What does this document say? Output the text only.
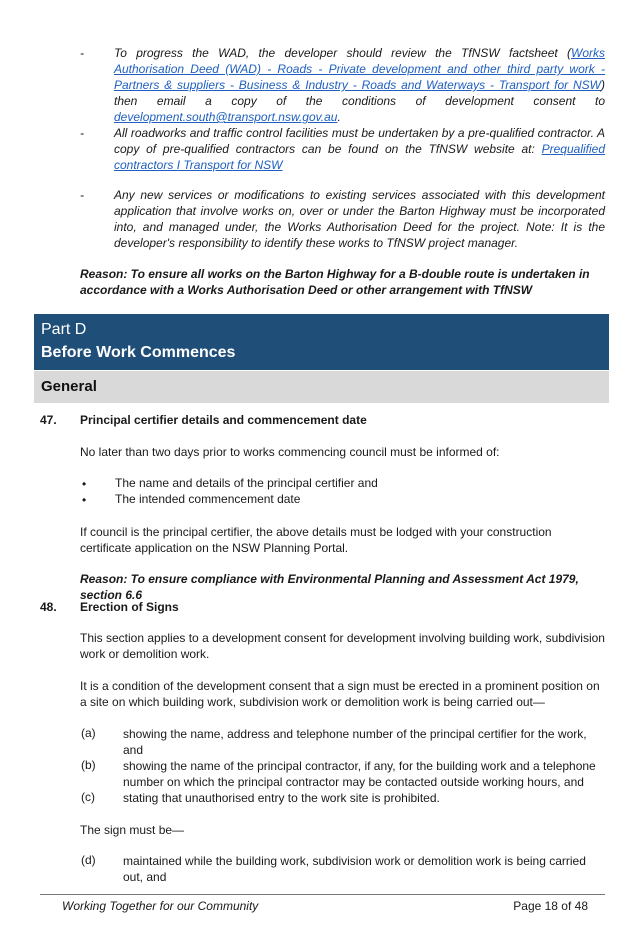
-	To progress the WAD, the developer should review the TfNSW factsheet (Works Authorisation Deed (WAD) - Roads - Private development and other third party work - Partners & suppliers - Business & Industry - Roads and Waterways - Transport for NSW) then email a copy of the conditions of development consent to development.south@transport.nsw.gov.au.
-	All roadworks and traffic control facilities must be undertaken by a pre-qualified contractor. A copy of pre-qualified contractors can be found on the TfNSW website at: Prequalified contractors I Transport for NSW
-	Any new services or modifications to existing services associated with this development application that involve works on, over or under the Barton Highway must be incorporated into, and managed under, the Works Authorisation Deed for the project. Note: It is the developer's responsibility to identify these works to TfNSW project manager.
Reason: To ensure all works on the Barton Highway for a B-double route is undertaken in accordance with a Works Authorisation Deed or other arrangement with TfNSW
Part D
Before Work Commences
General
47. Principal certifier details and commencement date
No later than two days prior to works commencing council must be informed of:
• The name and details of the principal certifier and
• The intended commencement date
If council is the principal certifier, the above details must be lodged with your construction certificate application on the NSW Planning Portal.
Reason: To ensure compliance with Environmental Planning and Assessment Act 1979, section 6.6
48. Erection of Signs
This section applies to a development consent for development involving building work, subdivision work or demolition work.
It is a condition of the development consent that a sign must be erected in a prominent position on a site on which building work, subdivision work or demolition work is being carried out—
(a) showing the name, address and telephone number of the principal certifier for the work, and
(b) showing the name of the principal contractor, if any, for the building work and a telephone number on which the principal contractor may be contacted outside working hours, and
(c) stating that unauthorised entry to the work site is prohibited.
The sign must be—
(d) maintained while the building work, subdivision work or demolition work is being carried out, and
Working Together for our Community	Page 18 of 48
